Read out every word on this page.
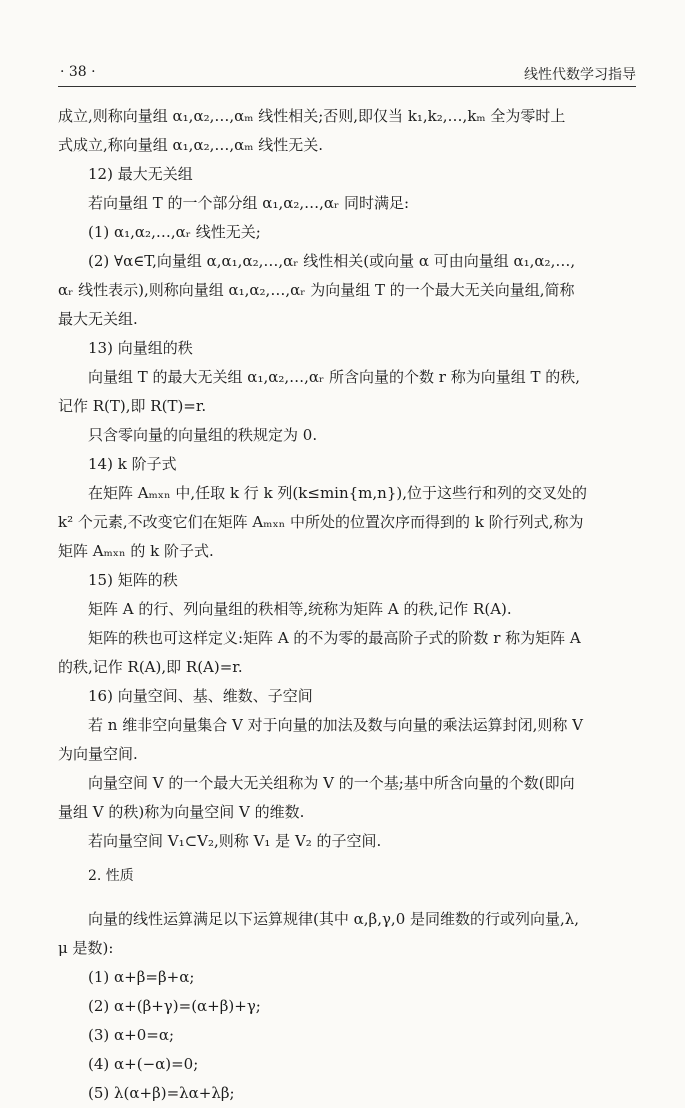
· 38 ·	线性代数学习指导

成立,则称向量组 α₁,α₂,…,αₘ 线性相关;否则,即仅当 k₁,k₂,…,kₘ 全为零时上

式成立,称向量组 α₁,α₂,…,αₘ 线性无关.

12) 最大无关组

若向量组 T 的一个部分组 α₁,α₂,…,αᵣ 同时满足:

(1) α₁,α₂,…,αᵣ 线性无关;

(2) ∀α∈T,向量组 α,α₁,α₂,…,αᵣ 线性相关(或向量 α 可由向量组 α₁,α₂,…,

αᵣ 线性表示),则称向量组 α₁,α₂,…,αᵣ 为向量组 T 的一个最大无关向量组,简称

最大无关组.

13) 向量组的秩

向量组 T 的最大无关组 α₁,α₂,…,αᵣ 所含向量的个数 r 称为向量组 T 的秩,

记作 R(T),即 R(T)=r.

只含零向量的向量组的秩规定为 0.

14) k 阶子式

在矩阵 Aₘₓₙ 中,任取 k 行 k 列(k≤min{m,n}),位于这些行和列的交叉处的

k² 个元素,不改变它们在矩阵 Aₘₓₙ 中所处的位置次序而得到的 k 阶行列式,称为

矩阵 Aₘₓₙ 的 k 阶子式.

15) 矩阵的秩

矩阵 A 的行、列向量组的秩相等,统称为矩阵 A 的秩,记作 R(A).

矩阵的秩也可这样定义:矩阵 A 的不为零的最高阶子式的阶数 r 称为矩阵 A

的秩,记作 R(A),即 R(A)=r.

16) 向量空间、基、维数、子空间

若 n 维非空向量集合 V 对于向量的加法及数与向量的乘法运算封闭,则称 V

为向量空间.

向量空间 V 的一个最大无关组称为 V 的一个基;基中所含向量的个数(即向

量组 V 的秩)称为向量空间 V 的维数.

若向量空间 V₁⊂V₂,则称 V₁ 是 V₂ 的子空间.

2. 性质

向量的线性运算满足以下运算规律(其中 α,β,γ,0 是同维数的行或列向量,λ,

μ 是数):

(1) α+β=β+α;

(2) α+(β+γ)=(α+β)+γ;

(3) α+0=α;

(4) α+(−α)=0;

(5) λ(α+β)=λα+λβ;
